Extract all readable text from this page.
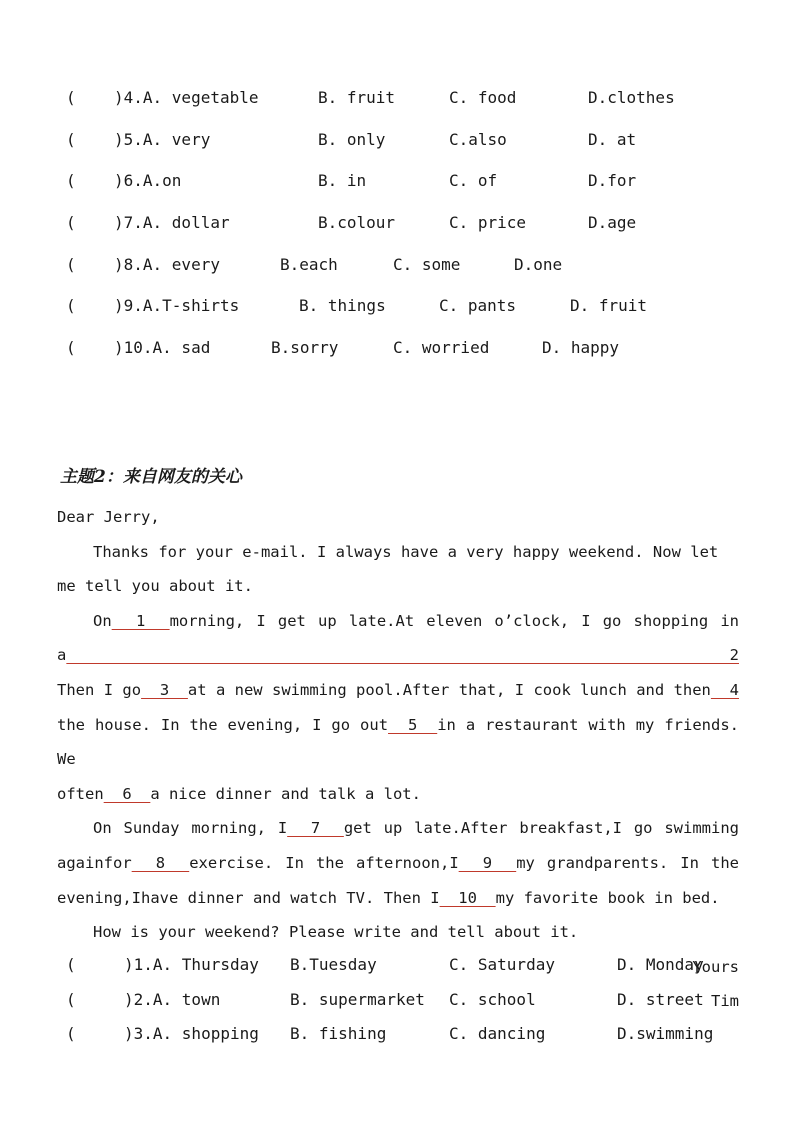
( )4.A. vegetable	B. fruit	C. food	D.clothes
( )5.A. very	B. only	C.also	D. at
( )6.A.on	B. in	C. of	D.for
( )7.A. dollar	B.colour	C. price	D.age
( )8.A. every	B.each	C. some	D.one
( )9.A.T-shirts	B. things	C. pants	D. fruit
( )10.A. sad	B.sorry	C. worried	D. happy
主题2：来自网友的关心

Dear Jerry,

Thanks for your e-mail. I always have a very happy weekend. Now let me tell you about it.

On  1  morning, I get up late.At eleven o’clock, I go shopping in a  2

Then I go  3  at a new swimming pool.After that, I cook lunch and then  4

the house. In the evening, I go out  5  in a restaurant with my friends. We

often  6  a nice dinner and talk a lot.

On Sunday morning, I  7  get up late.After breakfast,I go swimming

againfor  8  exercise. In the afternoon,I  9  my grandparents. In the

evening,Ihave dinner and watch TV. Then I  10  my favorite book in bed.

How is your weekend? Please write and tell about it.

Yours

Tim

(	)1.A. Thursday B.Tuesday	C. Saturday	D. Monday
(	)2.A. town	B. supermarket C. school	D. street
(	)3.A. shopping B. fishing	C. dancing	D.swimming
